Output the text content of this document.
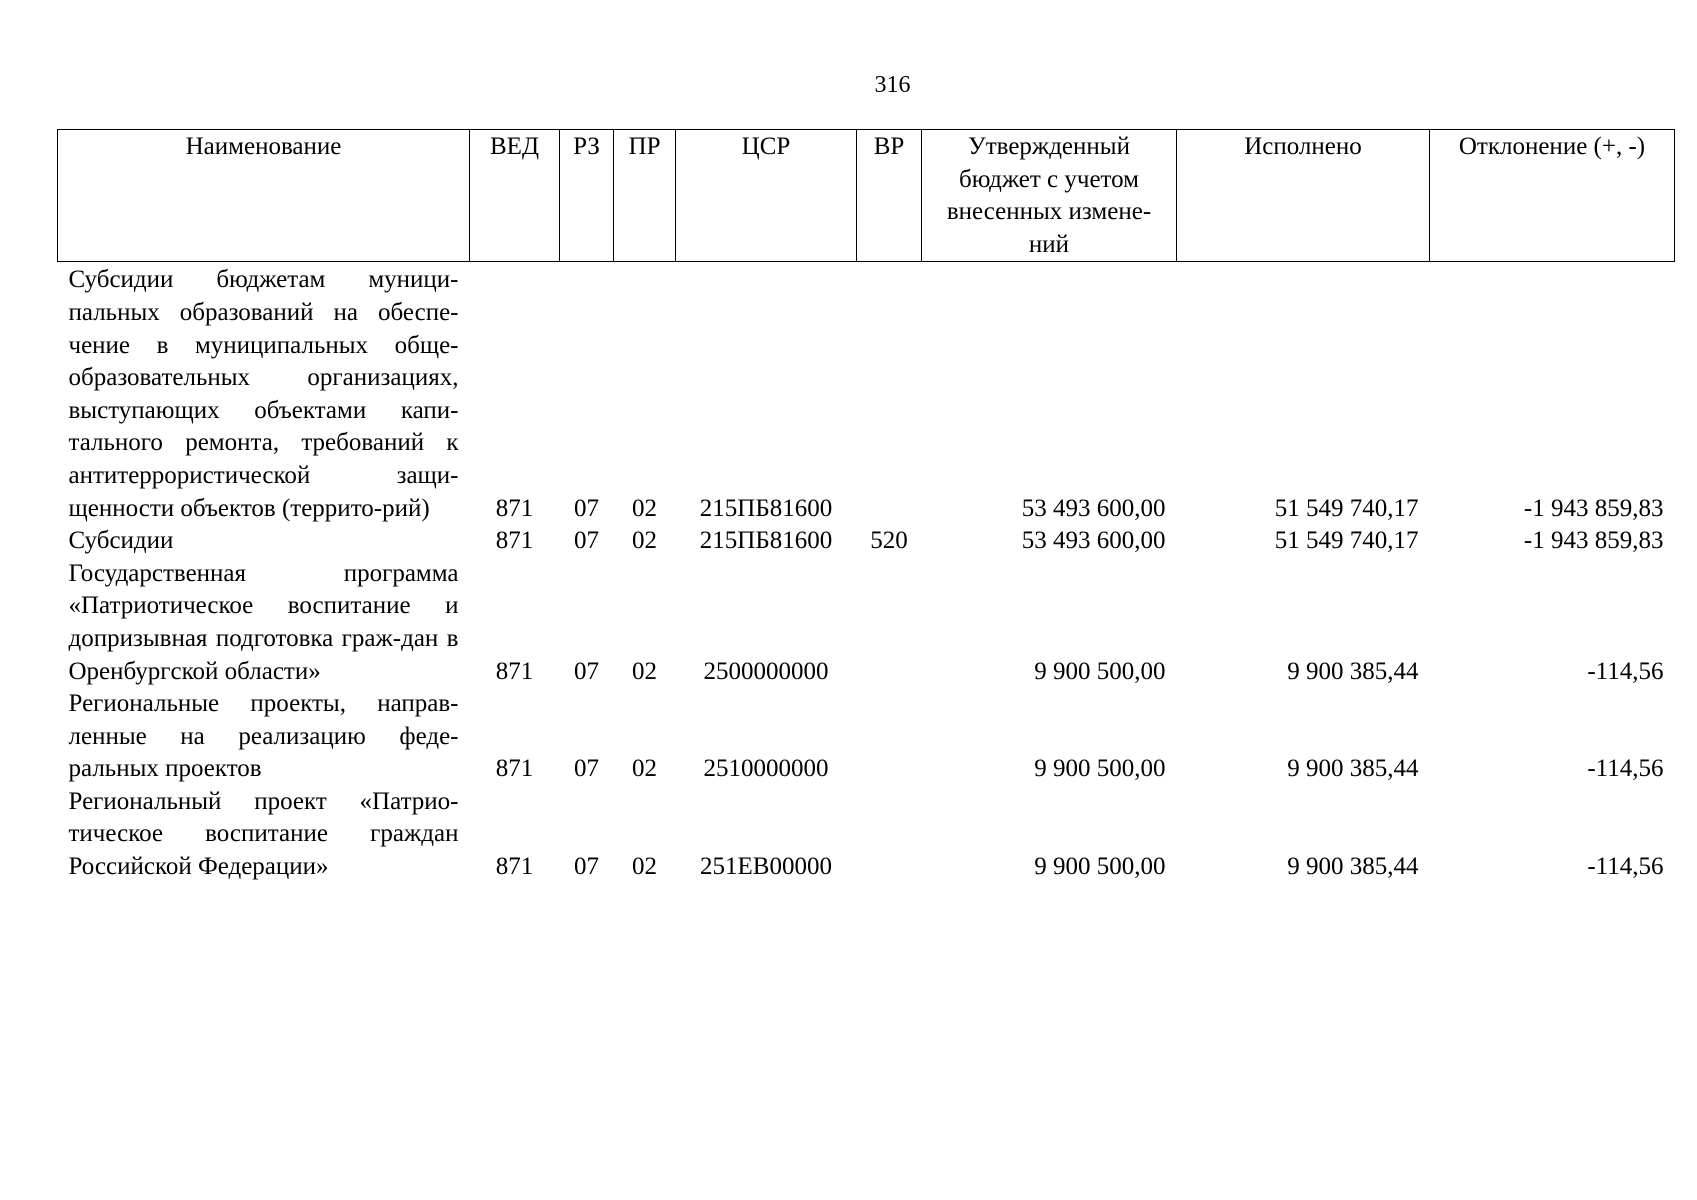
316
Наименование	ВЕД	РЗ	ПР	ЦСР	ВР	Утвержденный бюджет с учетом внесенных измене-ний	Исполнено	Отклонение (+, -)
Субсидии бюджетам муници-пальных образований на обеспе-чение в муниципальных обще-образовательных организациях, выступающих объектами капи-тального ремонта, требований к антитеррористической защи-щенности объектов (террито-рий)	871	07	02	215ПБ81600		53 493 600,00	51 549 740,17	-1 943 859,83
Субсидии	871	07	02	215ПБ81600	520	53 493 600,00	51 549 740,17	-1 943 859,83
Государственная программа «Патриотическое воспитание и допризывная подготовка граж-дан в Оренбургской области»	871	07	02	2500000000		9 900 500,00	9 900 385,44	-114,56
Региональные проекты, направ-ленные на реализацию феде-ральных проектов	871	07	02	2510000000		9 900 500,00	9 900 385,44	-114,56
Региональный проект «Патрио-тическое воспитание граждан Российской Федерации»	871	07	02	251ЕВ00000		9 900 500,00	9 900 385,44	-114,56
